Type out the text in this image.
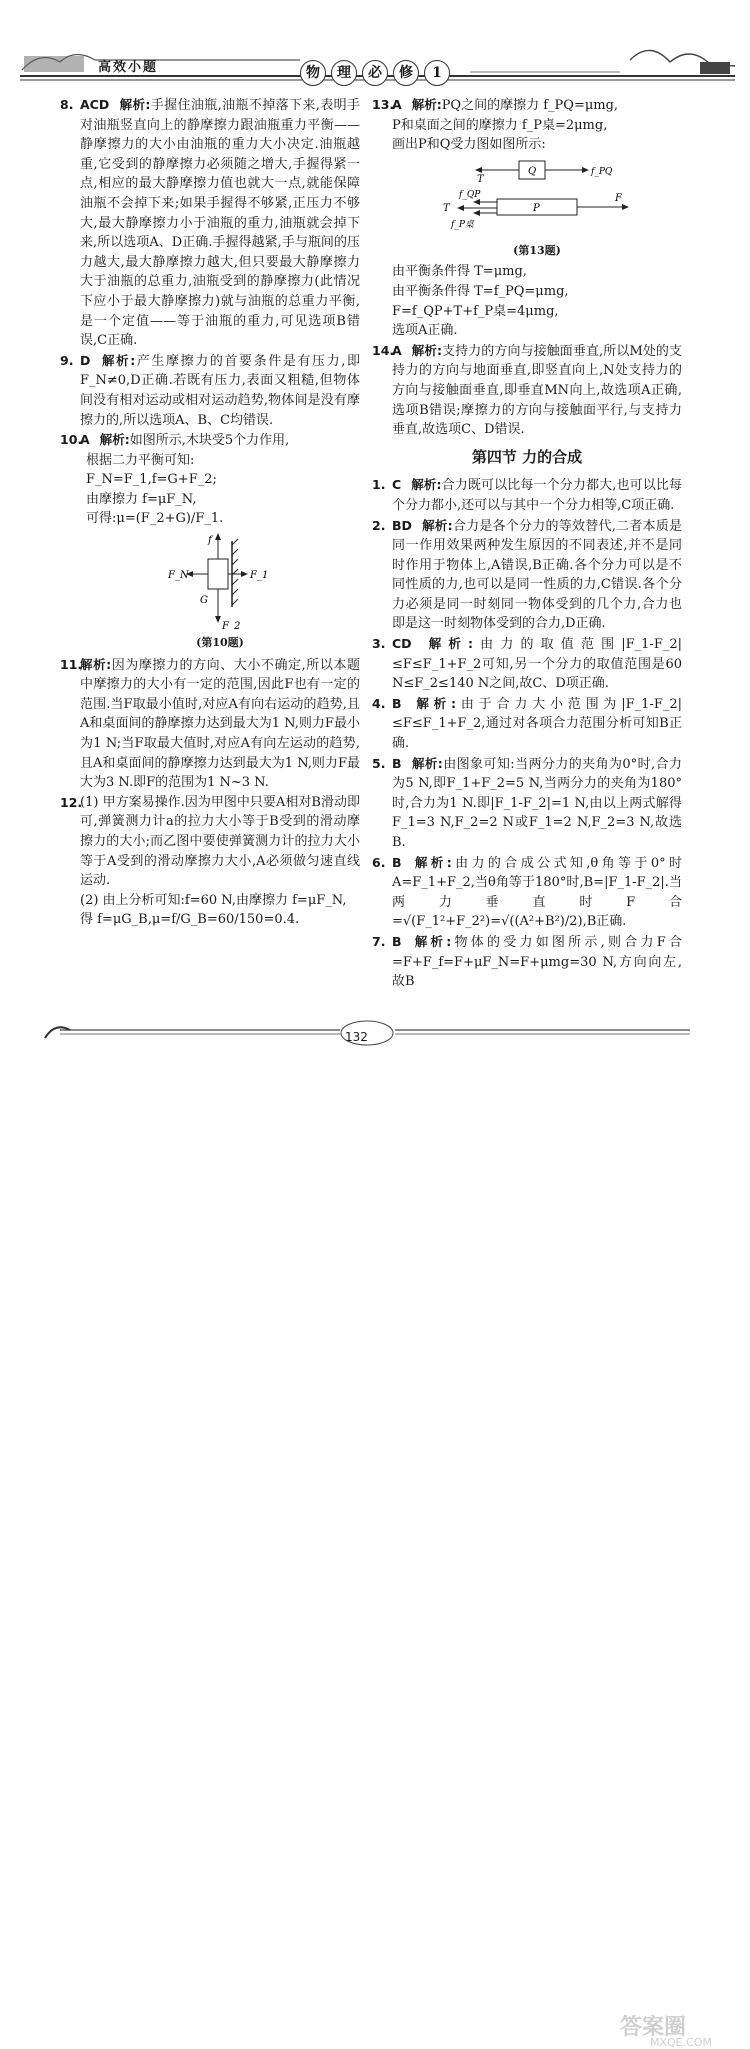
高效小题	物	理	必	修	1
8. ACD 解析:手握住油瓶,油瓶不掉落下来,表明手对油瓶竖直向上的静摩擦力跟油瓶重力平衡——静摩擦力的大小由油瓶的重力大小决定.油瓶越重,它受到的静摩擦力必须随之增大,手握得紧一点,相应的最大静摩擦力值也就大一点,就能保障油瓶不会掉下来;如果手握得不够紧,正压力不够大,最大静摩擦力小于油瓶的重力,油瓶就会掉下来,所以选项A、D正确.手握得越紧,手与瓶间的压力越大,最大静摩擦力越大,但只要最大静摩擦力大于油瓶的总重力,油瓶受到的静摩擦力(此情况下应小于最大静摩擦力)就与油瓶的总重力平衡,是一个定值——等于油瓶的重力,可见选项B错误,C正确.

9. D 解析:产生摩擦力的首要条件是有压力,即F_N≠0,D正确.若既有压力,表面又粗糙,但物体间没有相对运动或相对运动趋势,物体间是没有摩擦力的,所以选项A、B、C均错误.

10.

A 解析:如图所示,木块受5个力作用,

根据二力平衡可知:

F_N=F_1,f=G+F_2;

由摩擦力 f=μF_N,

可得:μ=(F_2+G)/F_1.

F_N	F_1
f
G
F_2

(第10题)

11.

解析:因为摩擦力的方向、大小不确定,所以本题中摩擦力的大小有一定的范围,因此F也有一定的范围.当F取最小值时,对应A有向右运动的趋势,且A和桌面间的静摩擦力达到最大为1 N,则力F最小为1 N;当F取最大值时,对应A有向左运动的趋势,且A和桌面间的静摩擦力达到最大为1 N,则力F最大为3 N.即F的范围为1 N~3 N.

12.

(1) 甲方案易操作.因为甲图中只要A相对B滑动即可,弹簧测力计a的拉力大小等于B受到的滑动摩擦力的大小;而乙图中要使弹簧测力计的拉力大小等于A受到的滑动摩擦力大小,A必须做匀速直线运动.

(2) 由上分析可知:f=60 N,由摩擦力 f=μF_N,

得 f=μG_B,μ=f/G_B=60/150=0.4.

13.

A 解析:PQ之间的摩擦力 f_PQ=μmg,

P和桌面之间的摩擦力 f_P桌=2μmg,

画出P和Q受力图如图所示:

T
Q	f_PQ
f_QP
P
F
T
f_P桌

(第13题)

由平衡条件得 T=μmg,

由平衡条件得 T=f_PQ=μmg,

F=f_QP+T+f_P桌=4μmg,

选项A正确.

14.

A 解析:支持力的方向与接触面垂直,所以M处的支持力的方向与地面垂直,即竖直向上,N处支持力的方向与接触面垂直,即垂直MN向上,故选项A正确,选项B错误;摩擦力的方向与接触面平行,与支持力垂直,故选项C、D错误.

第四节 力的合成
1. C 解析:合力既可以比每一个分力都大,也可以比每个分力都小,还可以与其中一个分力相等,C项正确.

2. BD 解析:合力是各个分力的等效替代,二者本质是同一作用效果两种发生原因的不同表述,并不是同时作用于物体上,A错误,B正确.各个分力可以是不同性质的力,也可以是同一性质的力,C错误.各个分力必须是同一时刻同一物体受到的几个力,合力也即是这一时刻物体受到的合力,D正确.

3. CD 解析:由力的取值范围|F_1-F_2|≤F≤F_1+F_2可知,另一个分力的取值范围是60 N≤F_2≤140 N之间,故C、D项正确.

4. B 解析:由于合力大小范围为|F_1-F_2|≤F≤F_1+F_2,通过对各项合力范围分析可知B正确.

5. B 解析:由图象可知:当两分力的夹角为0°时,合力为5 N,即F_1+F_2=5 N,当两分力的夹角为180°时,合力为1 N.即|F_1-F_2|=1 N,由以上两式解得F_1=3 N,F_2=2 N或F_1=2 N,F_2=3 N,故选B.

6. B 解析:由力的合成公式知,θ角等于0°时A=F_1+F_2,当θ角等于180°时,B=|F_1-F_2|.当两力垂直时F合=√(F_1²+F_2²)=√((A²+B²)/2),B正确.

7. B 解析:物体的受力如图所示,则合力F合=F+F_f=F+μF_N=F+μmg=30 N,方向向左,故B

答案圈
MXQE.COM
132
